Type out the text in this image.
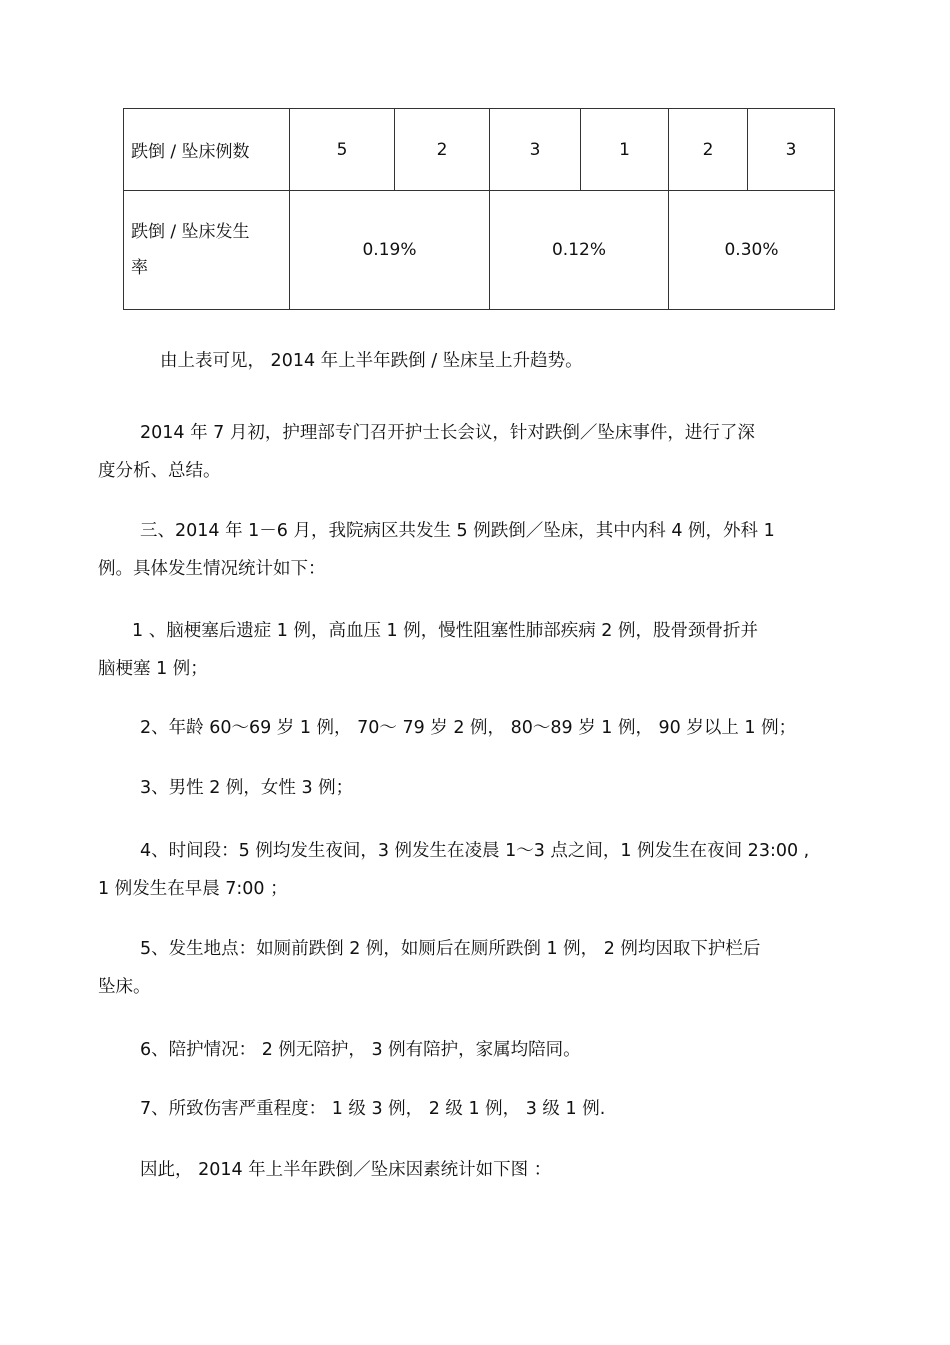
跌倒 / 坠床例数	5	2	3	1	2	3

跌倒 / 坠床发生
率	0.19%		0.12%		0.30%	
由上表可见， 2014 年上半年跌倒 / 坠床呈上升趋势。
2014 年 7 月初，护理部专门召开护士长会议，针对跌倒／坠床事件，进行了深
度分析、总结。
三、2014 年 1－6 月，我院病区共发生 5 例跌倒／坠床，其中内科 4 例，外科 1
例。具体发生情况统计如下：
1 、脑梗塞后遗症 1 例，高血压 1 例，慢性阻塞性肺部疾病 2 例，股骨颈骨折并
脑梗塞 1 例；
2、年龄 60～69 岁 1 例， 70～ 79 岁 2 例， 80～89 岁 1 例， 90 岁以上 1 例；
3、男性 2 例，女性 3 例；
4、时间段：5 例均发生夜间，3 例发生在凌晨 1～3 点之间，1 例发生在夜间 23:00 ,
1 例发生在早晨 7:00 ；
5、发生地点：如厕前跌倒 2 例，如厕后在厕所跌倒 1 例， 2 例均因取下护栏后
坠床。
6、陪护情况： 2 例无陪护， 3 例有陪护，家属均陪同。
7、所致伤害严重程度： 1 级 3 例， 2 级 1 例， 3 级 1 例.
因此， 2014 年上半年跌倒／坠床因素统计如下图 ：
